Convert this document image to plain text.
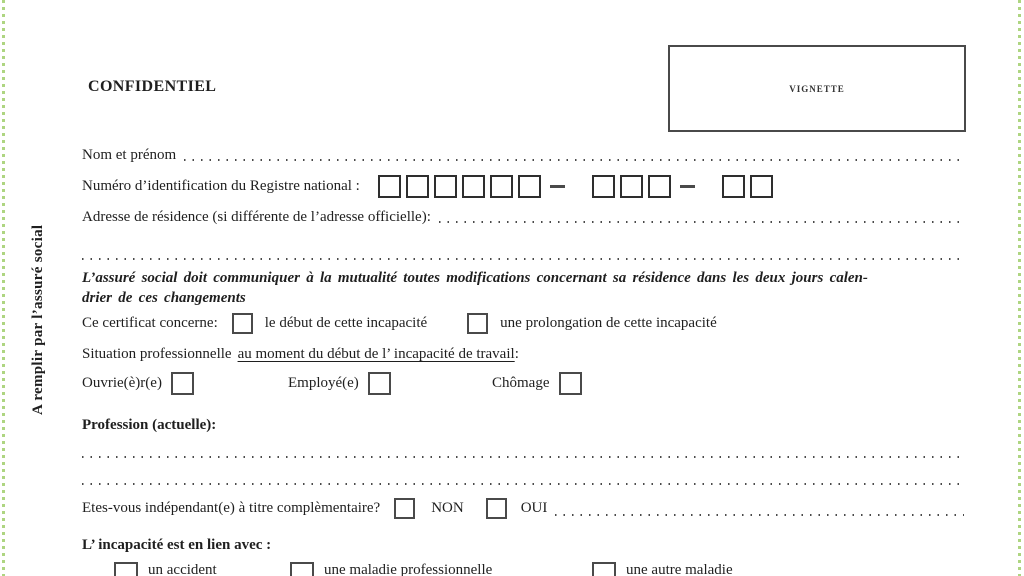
A remplir par l’assuré social
CONFIDENTIEL	VIGNETTE
Nom et prénom
Numéro d’identification du Registre national :
Adresse de résidence (si différente de l’adresse officielle):
L’assuré social doit communiquer à la mutualité toutes modifications concernant sa résidence dans les deux jours calen-
drier de ces changements
Ce certificat concerne:	le début de cette incapacité	une prolongation de cette incapacité
Situation professionnelle au moment du début de l’ incapacité de travail :
Ouvrie(è)r(e)	Employé(e)	Chômage
Profession (actuelle):
Etes-vous indépendant(e) à titre complèmentaire?	NON	OUI
L’ incapacité est en lien avec :
un accident	une maladie professionnelle	une autre maladie
